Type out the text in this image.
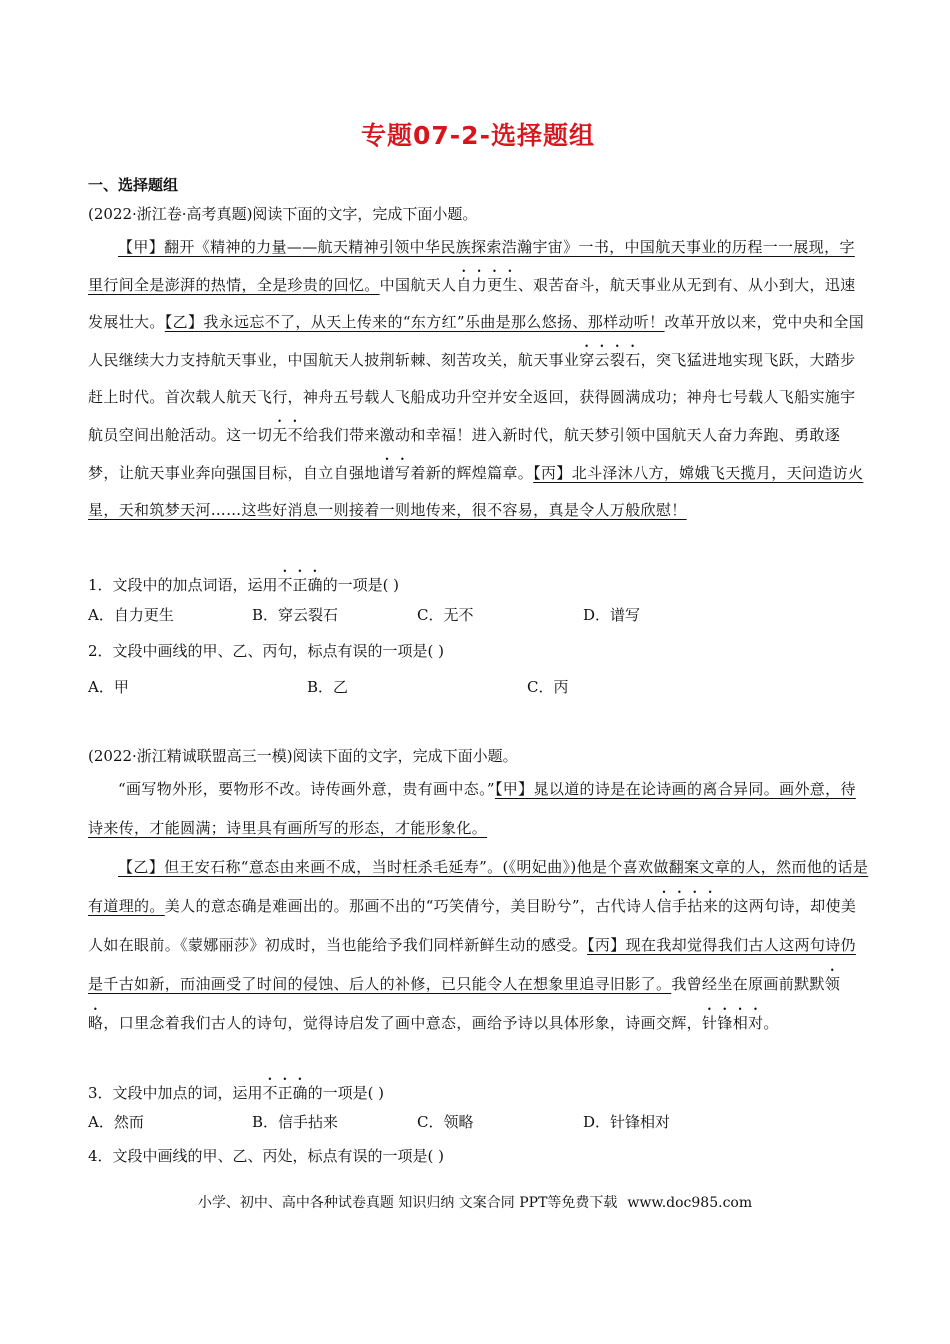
专题07-2-选择题组
一、选择题组
(2022·浙江卷·高考真题)阅读下面的文字，完成下面小题。
【甲】翻开《精神的力量——航天精神引领中华民族探索浩瀚宇宙》一书，中国航天事业的历程一一展现，字里行间全是澎湃的热情，全是珍贵的回忆。中国航天人自力更生、艰苦奋斗，航天事业从无到有、从小到大，迅速发展壮大。【乙】我永远忘不了，从天上传来的“东方红”乐曲是那么悠扬、那样动听！改革开放以来，党中央和全国人民继续大力支持航天事业，中国航天人披荆斩棘、刻苦攻关，航天事业穿云裂石，突飞猛进地实现飞跃，大踏步赶上时代。首次载人航天飞行，神舟五号载人飞船成功升空并安全返回，获得圆满成功；神舟七号载人飞船实施宇航员空间出舱活动。这一切无不给我们带来激动和幸福！进入新时代，航天梦引领中国航天人奋力奔跑、勇敢逐梦，让航天事业奔向强国目标，自立自强地谱写着新的辉煌篇章。【丙】北斗泽沐八方，嫦娥飞天揽月，天问造访火星，天和筑梦天河……这些好消息一则接着一则地传来，很不容易，真是令人万般欣慰！
1．文段中的加点词语，运用不正确的一项是( )
A．自力更生	B．穿云裂石	C．无不	D．谱写
2．文段中画线的甲、乙、丙句，标点有误的一项是( )
A．甲	B．乙	C．丙
(2022·浙江精诚联盟高三一模)阅读下面的文字，完成下面小题。
“画写物外形，要物形不改。诗传画外意，贵有画中态。”【甲】晁以道的诗是在论诗画的离合异同。画外意，待诗来传，才能圆满；诗里具有画所写的形态，才能形象化。
【乙】但王安石称“意态由来画不成，当时枉杀毛延寿”。(《明妃曲》)他是个喜欢做翻案文章的人，然而他的话是有道理的。美人的意态确是难画出的。那画不出的“巧笑倩兮，美目盼兮”，古代诗人信手拈来的这两句诗，却使美人如在眼前。《蒙娜丽莎》初成时，当也能给予我们同样新鲜生动的感受。【丙】现在我却觉得我们古人这两句诗仍是千古如新，而油画受了时间的侵蚀、后人的补修，已只能令人在想象里追寻旧影了。我曾经坐在原画前默默领略，口里念着我们古人的诗句，觉得诗启发了画中意态，画给予诗以具体形象，诗画交辉，针锋相对。
3．文段中加点的词，运用不正确的一项是( )
A．然而	B．信手拈来	C．领略	D．针锋相对
4．文段中画线的甲、乙、丙处，标点有误的一项是( )
小学、初中、高中各种试卷真题 知识归纳 文案合同 PPT等免费下载 www.doc985.com
